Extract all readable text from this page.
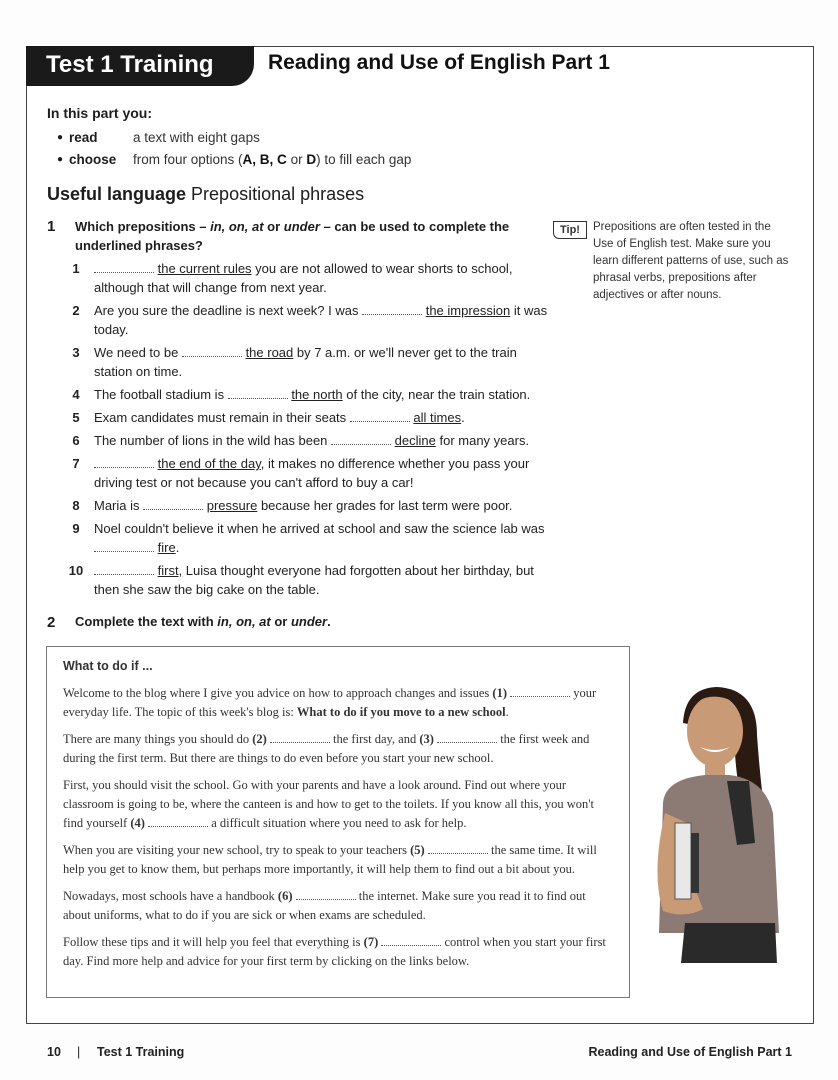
Test 1 Training	Reading and Use of English Part 1
In this part you:
● read	a text with eight gaps
● choose	from four options (A, B, C or D) to fill each gap
Useful language Prepositional phrases
1 Which prepositions – in, on, at or under – can be used to complete the underlined phrases?
1	the current rules you are not allowed to wear shorts to school, although that will change from next year.
2	Are you sure the deadline is next week? I was	the impression it was today.
3	We need to be	the road by 7 a.m. or we'll never get to the train station on time.
4	The football stadium is	the north of the city, near the train station.
5	Exam candidates must remain in their seats	all times.
6	The number of lions in the wild has been	decline for many years.
7	the end of the day, it makes no difference whether you pass your driving test or not because you can't afford to buy a car!
8	Maria is	pressure because her grades for last term were poor.
9	Noel couldn't believe it when he arrived at school and saw the science lab was  fire.
10	first, Luisa thought everyone had forgotten about her birthday, but then she saw the big cake on the table.
Tip!	Prepositions are often tested in the Use of English test. Make sure you learn different patterns of use, such as phrasal verbs, prepositions after adjectives or after nouns.
2 Complete the text with in, on, at or under.
What to do if ...

Welcome to the blog where I give you advice on how to approach changes and issues (1)	your everyday life. The topic of this week's blog is: What to do if you move to a new school.

There are many things you should do (2)	the first day, and (3)	the first week and during the first term. But there are things to do even before you start your new school.

First, you should visit the school. Go with your parents and have a look around. Find out where your classroom is going to be, where the canteen is and how to get to the toilets. If you know all this, you won't find yourself (4)	a difficult situation where you need to ask for help.

When you are visiting your new school, try to speak to your teachers (5)	the same time. It will help you get to know them, but perhaps more importantly, it will help them to find out a bit about you.

Nowadays, most schools have a handbook (6)	the internet. Make sure you read it to find out about uniforms, what to do if you are sick or when exams are scheduled.

Follow these tips and it will help you feel that everything is (7)	control when you start your first day. Find more help and advice for your first term by clicking on the links below.

10 | Test 1 Training	Reading and Use of English Part 1
